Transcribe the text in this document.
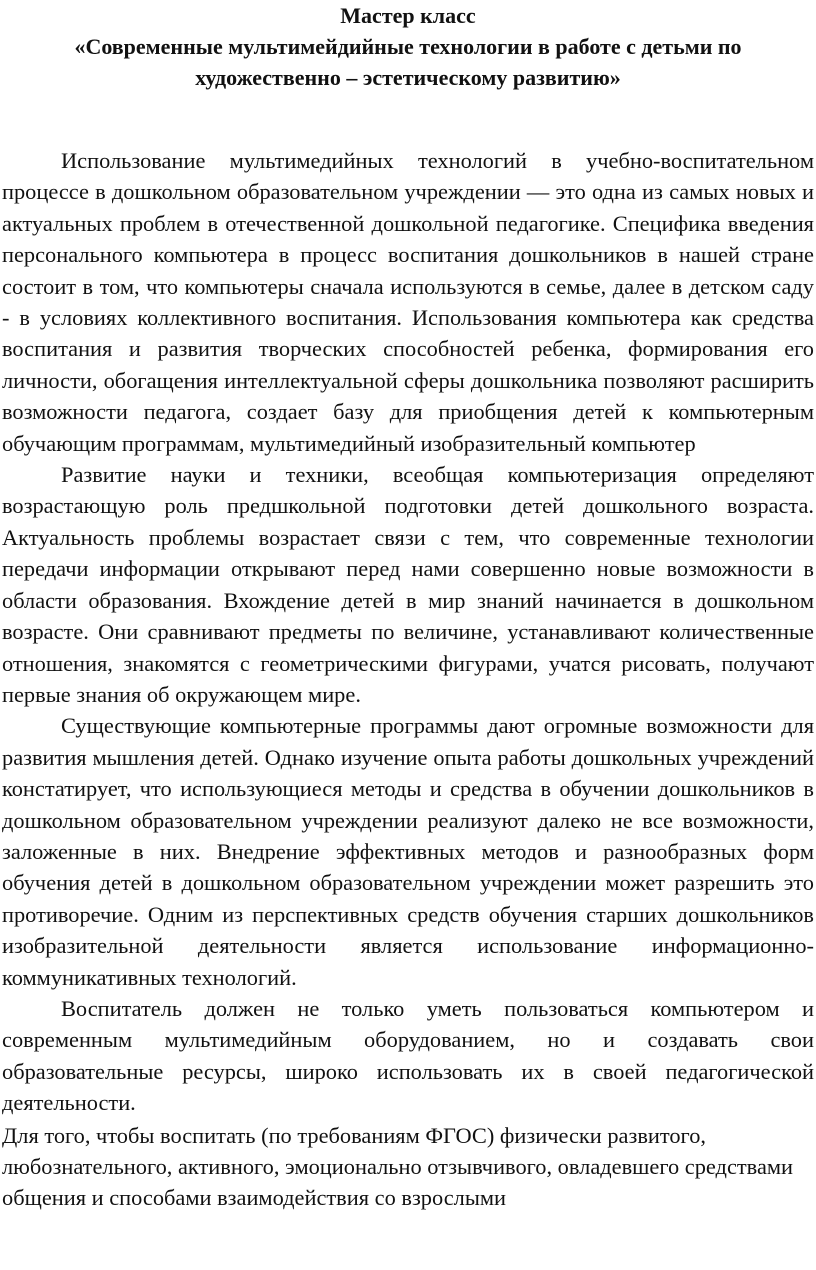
Мастер класс
«Современные мультимейдийные технологии в работе с детьми по
художественно – эстетическому развитию»

Использование мультимедийных технологий в учебно-воспитательном процессе в дошкольном образовательном учреждении — это одна из самых новых и актуальных проблем в отечественной дошкольной педагогике. Специфика введения персонального компьютера в процесс воспитания дошкольников в нашей стране состоит в том, что компьютеры сначала используются в семье, далее в детском саду - в условиях коллективного воспитания. Использования компьютера как средства воспитания и развития творческих способностей ребенка, формирования его личности, обогащения интеллектуальной сферы дошкольника позволяют расширить возможности педагога, создает базу для приобщения детей к компьютерным обучающим программам, мультимедийный изобразительный компьютер

Развитие науки и техники, всеобщая компьютеризация определяют возрастающую роль предшкольной подготовки детей дошкольного возраста. Актуальность проблемы возрастает связи с тем, что современные технологии передачи информации открывают перед нами совершенно новые возможности в области образования. Вхождение детей в мир знаний начинается в дошкольном возрасте. Они сравнивают предметы по величине, устанавливают количественные отношения, знакомятся с геометрическими фигурами, учатся рисовать, получают первые знания об окружающем мире.

Существующие компьютерные программы дают огромные возможности для развития мышления детей. Однако изучение опыта работы дошкольных учреждений констатирует, что использующиеся методы и средства в обучении дошкольников в дошкольном образовательном учреждении реализуют далеко не все возможности, заложенные в них. Внедрение эффективных методов и разнообразных форм обучения детей в дошкольном образовательном учреждении может разрешить это противоречие. Одним из перспективных средств обучения старших дошкольников изобразительной деятельности является использование информационно-коммуникативных технологий.

Воспитатель должен не только уметь пользоваться компьютером и современным мультимедийным оборудованием, но и создавать свои образовательные ресурсы, широко использовать их в своей педагогической деятельности.

Для того, чтобы воспитать (по требованиям ФГОС) физически развитого, любознательного, активного, эмоционально отзывчивого, овладевшего средствами общения и способами взаимодействия со взрослыми
